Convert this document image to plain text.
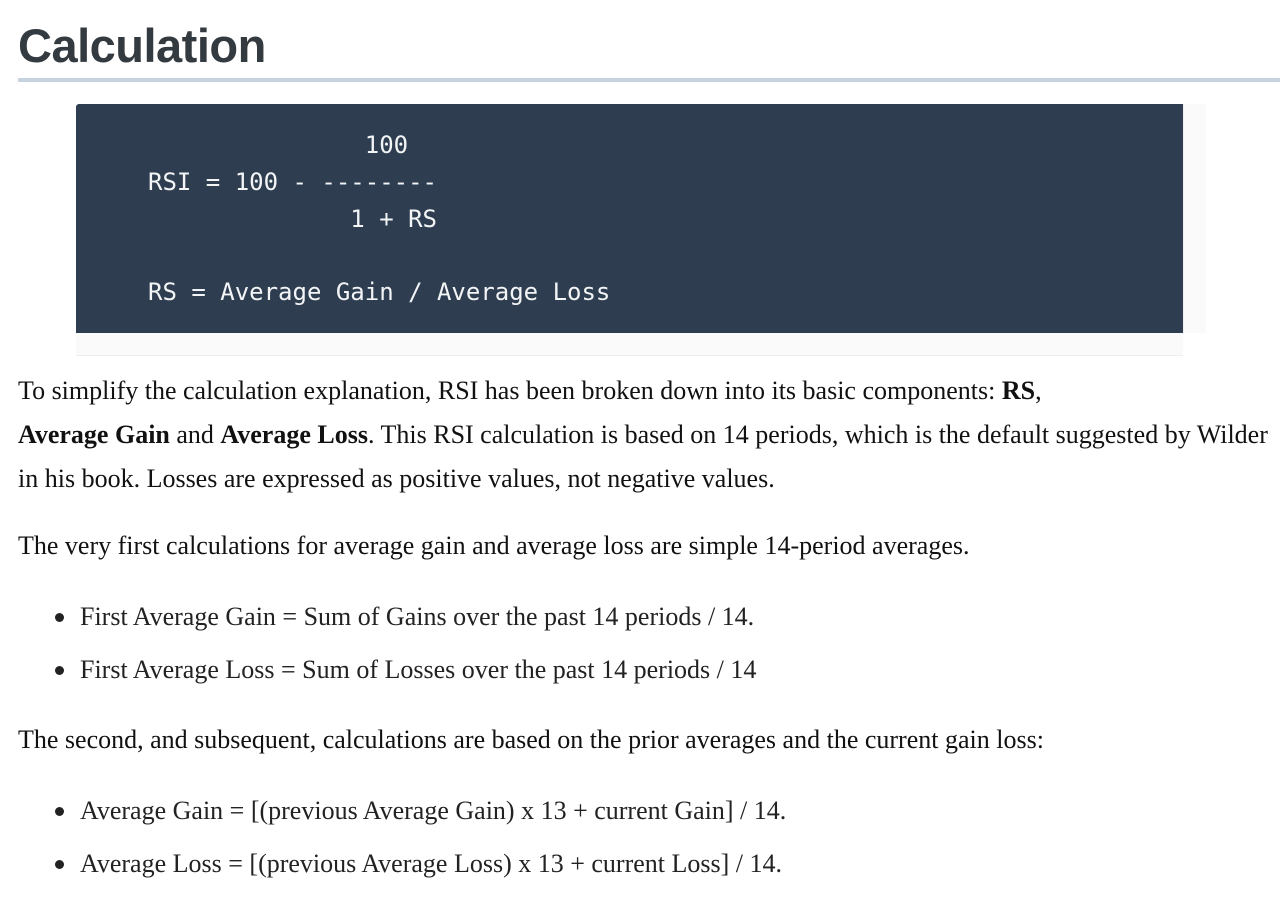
Calculation
100
RSI = 100 - --------
1 + RS
RS = Average Gain / Average Loss

To simplify the calculation explanation, RSI has been broken down into its basic components: RS,
Average Gain and Average Loss. This RSI calculation is based on 14 periods, which is the default suggested by Wilder in his book. Losses are expressed as positive values, not negative values.

The very first calculations for average gain and average loss are simple 14-period averages.

First Average Gain = Sum of Gains over the past 14 periods / 14.
First Average Loss = Sum of Losses over the past 14 periods / 14

The second, and subsequent, calculations are based on the prior averages and the current gain loss:

Average Gain = [(previous Average Gain) x 13 + current Gain] / 14.
Average Loss = [(previous Average Loss) x 13 + current Loss] / 14.
